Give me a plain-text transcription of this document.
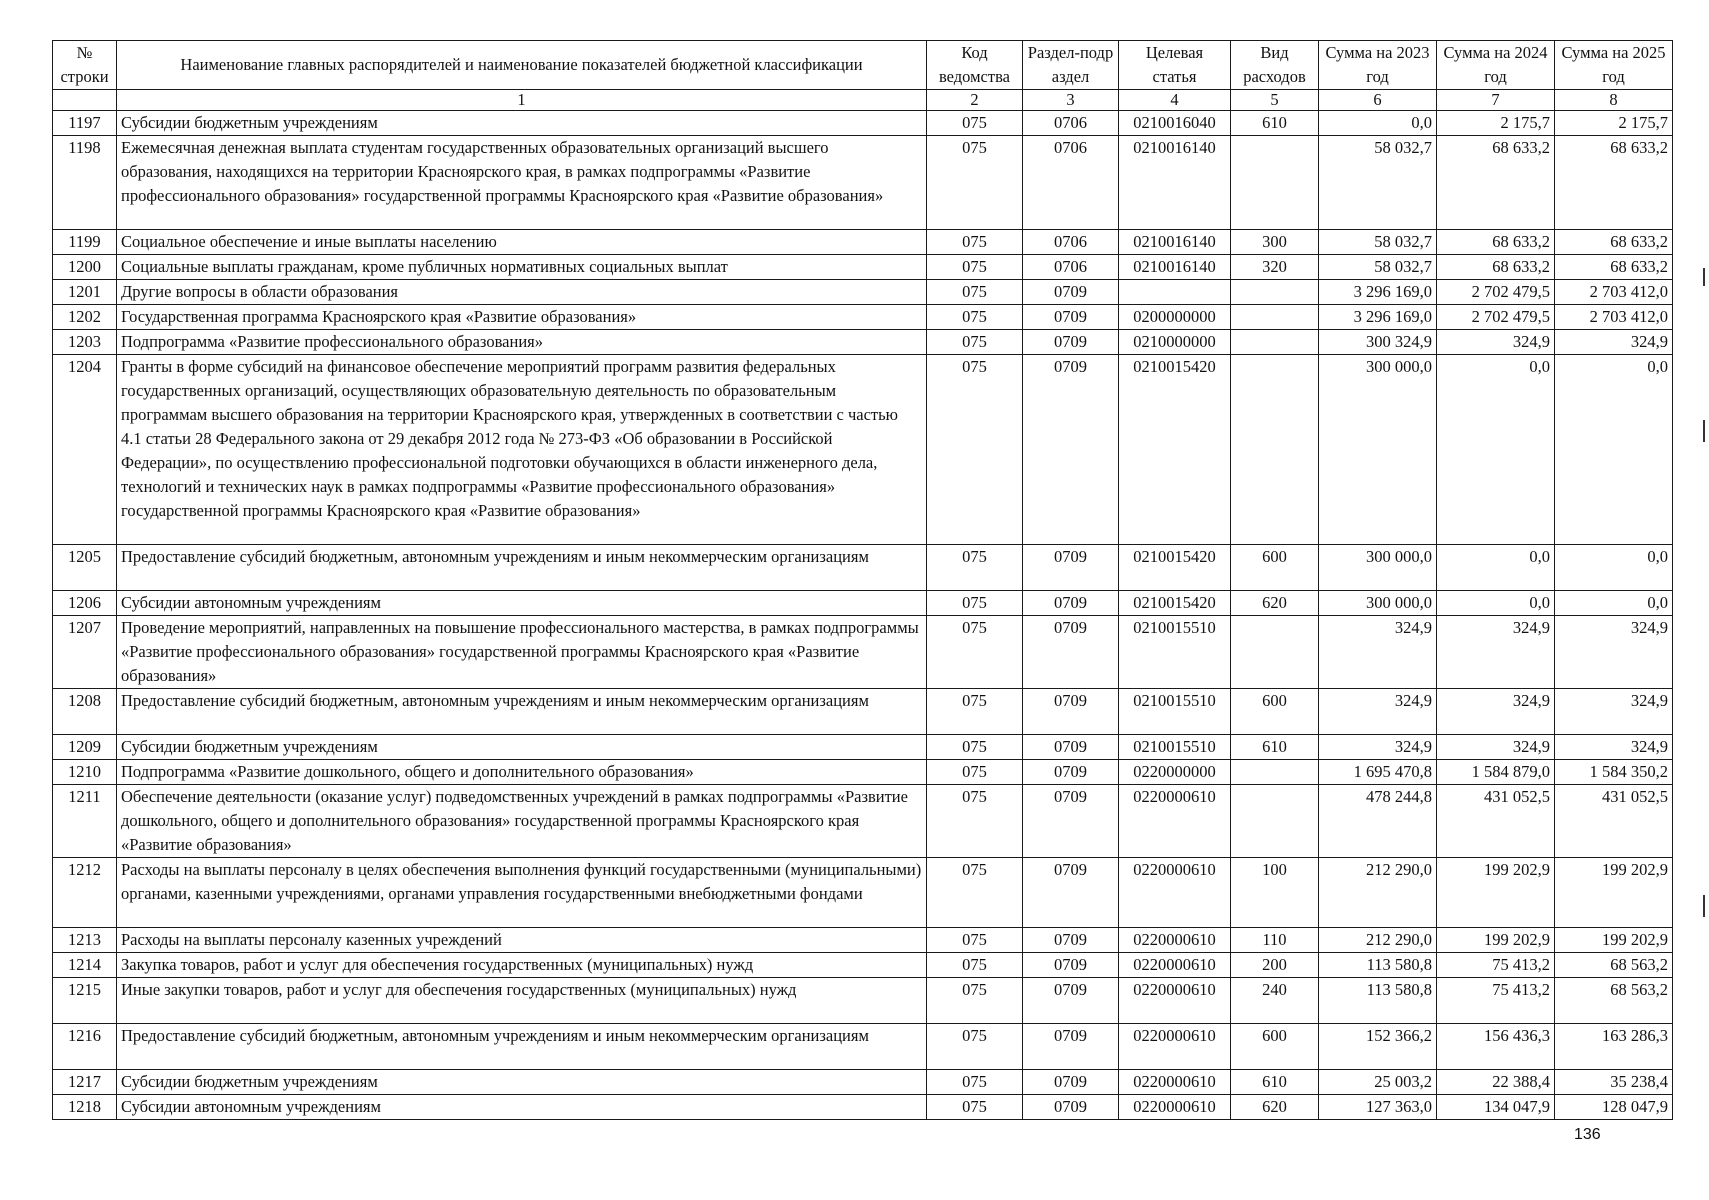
№ строки	Наименование главных распорядителей и наименование показателей бюджетной классификации	Код ведомства	Раздел-подраздел	Целевая статья	Вид расходов	Сумма на 2023 год	Сумма на 2024 год	Сумма на 2025 год
	1	2	3	4	5	6	7	8
1197	Субсидии бюджетным учреждениям	075	0706	0210016040	610	0,0	2 175,7	2 175,7
1198	Ежемесячная денежная выплата студентам государственных образовательных организаций высшего образования, находящихся на территории Красноярского края, в рамках подпрограммы «Развитие профессионального образования» государственной программы Красноярского края «Развитие образования»	075	0706	0210016140		58 032,7	68 633,2	68 633,2
1199	Социальное обеспечение и иные выплаты населению	075	0706	0210016140	300	58 032,7	68 633,2	68 633,2
1200	Социальные выплаты гражданам, кроме публичных нормативных социальных выплат	075	0706	0210016140	320	58 032,7	68 633,2	68 633,2
1201	Другие вопросы в области образования	075	0709			3 296 169,0	2 702 479,5	2 703 412,0
1202	Государственная программа Красноярского края «Развитие образования»	075	0709	0200000000		3 296 169,0	2 702 479,5	2 703 412,0
1203	Подпрограмма «Развитие профессионального образования»	075	0709	0210000000		300 324,9	324,9	324,9
1204	Гранты в форме субсидий на финансовое обеспечение мероприятий программ развития федеральных государственных организаций, осуществляющих образовательную деятельность по образовательным программам высшего образования на территории Красноярского края, утвержденных в соответствии с частью 4.1 статьи 28 Федерального закона от 29 декабря 2012 года № 273-ФЗ «Об образовании в Российской Федерации», по осуществлению профессиональной подготовки обучающихся в области инженерного дела, технологий и технических наук в рамках подпрограммы «Развитие профессионального образования» государственной программы Красноярского края «Развитие образования»	075	0709	0210015420		300 000,0	0,0	0,0
1205	Предоставление субсидий бюджетным, автономным учреждениям и иным некоммерческим организациям	075	0709	0210015420	600	300 000,0	0,0	0,0
1206	Субсидии автономным учреждениям	075	0709	0210015420	620	300 000,0	0,0	0,0
1207	Проведение мероприятий, направленных на повышение профессионального мастерства, в рамках подпрограммы «Развитие профессионального образования» государственной программы Красноярского края «Развитие образования»	075	0709	0210015510		324,9	324,9	324,9
1208	Предоставление субсидий бюджетным, автономным учреждениям и иным некоммерческим организациям	075	0709	0210015510	600	324,9	324,9	324,9
1209	Субсидии бюджетным учреждениям	075	0709	0210015510	610	324,9	324,9	324,9
1210	Подпрограмма «Развитие дошкольного, общего и дополнительного образования»	075	0709	0220000000		1 695 470,8	1 584 879,0	1 584 350,2
1211	Обеспечение деятельности (оказание услуг) подведомственных учреждений в рамках подпрограммы «Развитие дошкольного, общего и дополнительного образования» государственной программы Красноярского края «Развитие образования»	075	0709	0220000610		478 244,8	431 052,5	431 052,5
1212	Расходы на выплаты персоналу в целях обеспечения выполнения функций государственными (муниципальными) органами, казенными учреждениями, органами управления государственными внебюджетными фондами	075	0709	0220000610	100	212 290,0	199 202,9	199 202,9
1213	Расходы на выплаты персоналу казенных учреждений	075	0709	0220000610	110	212 290,0	199 202,9	199 202,9
1214	Закупка товаров, работ и услуг для обеспечения государственных (муниципальных) нужд	075	0709	0220000610	200	113 580,8	75 413,2	68 563,2
1215	Иные закупки товаров, работ и услуг для обеспечения государственных (муниципальных) нужд	075	0709	0220000610	240	113 580,8	75 413,2	68 563,2
1216	Предоставление субсидий бюджетным, автономным учреждениям и иным некоммерческим организациям	075	0709	0220000610	600	152 366,2	156 436,3	163 286,3
1217	Субсидии бюджетным учреждениям	075	0709	0220000610	610	25 003,2	22 388,4	35 238,4
1218	Субсидии автономным учреждениям	075	0709	0220000610	620	127 363,0	134 047,9	128 047,9
136
